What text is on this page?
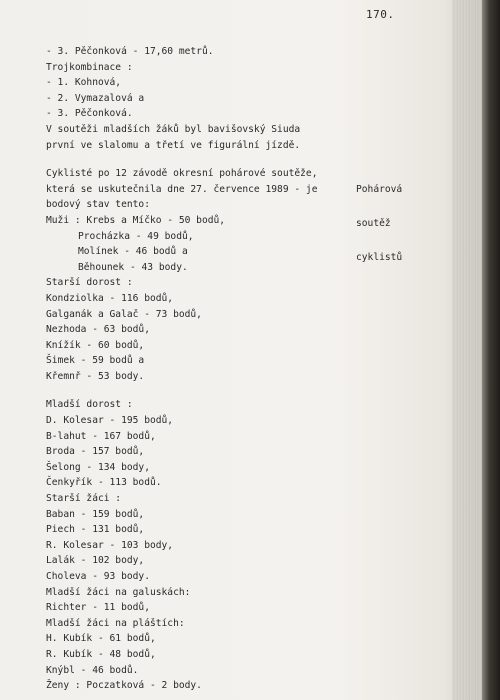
170.
- 3. Pěčonková - 17,60 metrů.
Trojkombinace :
- 1. Kohnová,
- 2. Vymazalová a
- 3. Pěčonková.
V soutěži mladších žáků byl bavišovský Siuda
první ve slalomu a třetí ve figurální jízdě.
Cyklisté po 12 závodě okresní pohárové soutěže,
která se uskutečnila dne 27. července 1989 - je
bodový stav tento:
Muži : Krebs a Míčko - 50 bodů,
Procházka - 49 bodů,
Molínek - 46 bodů a
Běhounek - 43 body.
Starší dorost :
Kondziolka - 116 bodů,
Galganák a Galač - 73 bodů,
Nezhoda - 63 bodů,
Knížík - 60 bodů,
Šimek - 59 bodů a
Křemnř - 53 body.
Mladší dorost :
D. Kolesar - 195 bodů,
B-lahut - 167 bodů,
Broda - 157 bodů,
Šelong - 134 body,
Čenkyřík - 113 bodů.
Starší žáci :
Baban - 159 bodů,
Piech - 131 bodů,
R. Kolesar - 103 body,
Lalák - 102 body,
Choleva - 93 body.
Mladší žáci na galuskách:
Richter - 11 bodů,
Mladší žáci na pláštích:
H. Kubík - 61 bodů,
R. Kubík - 48 bodů,
Knýbl - 46 bodů.
Ženy : Poczatková - 2 body.

Pohárová

soutěž

cyklistů
